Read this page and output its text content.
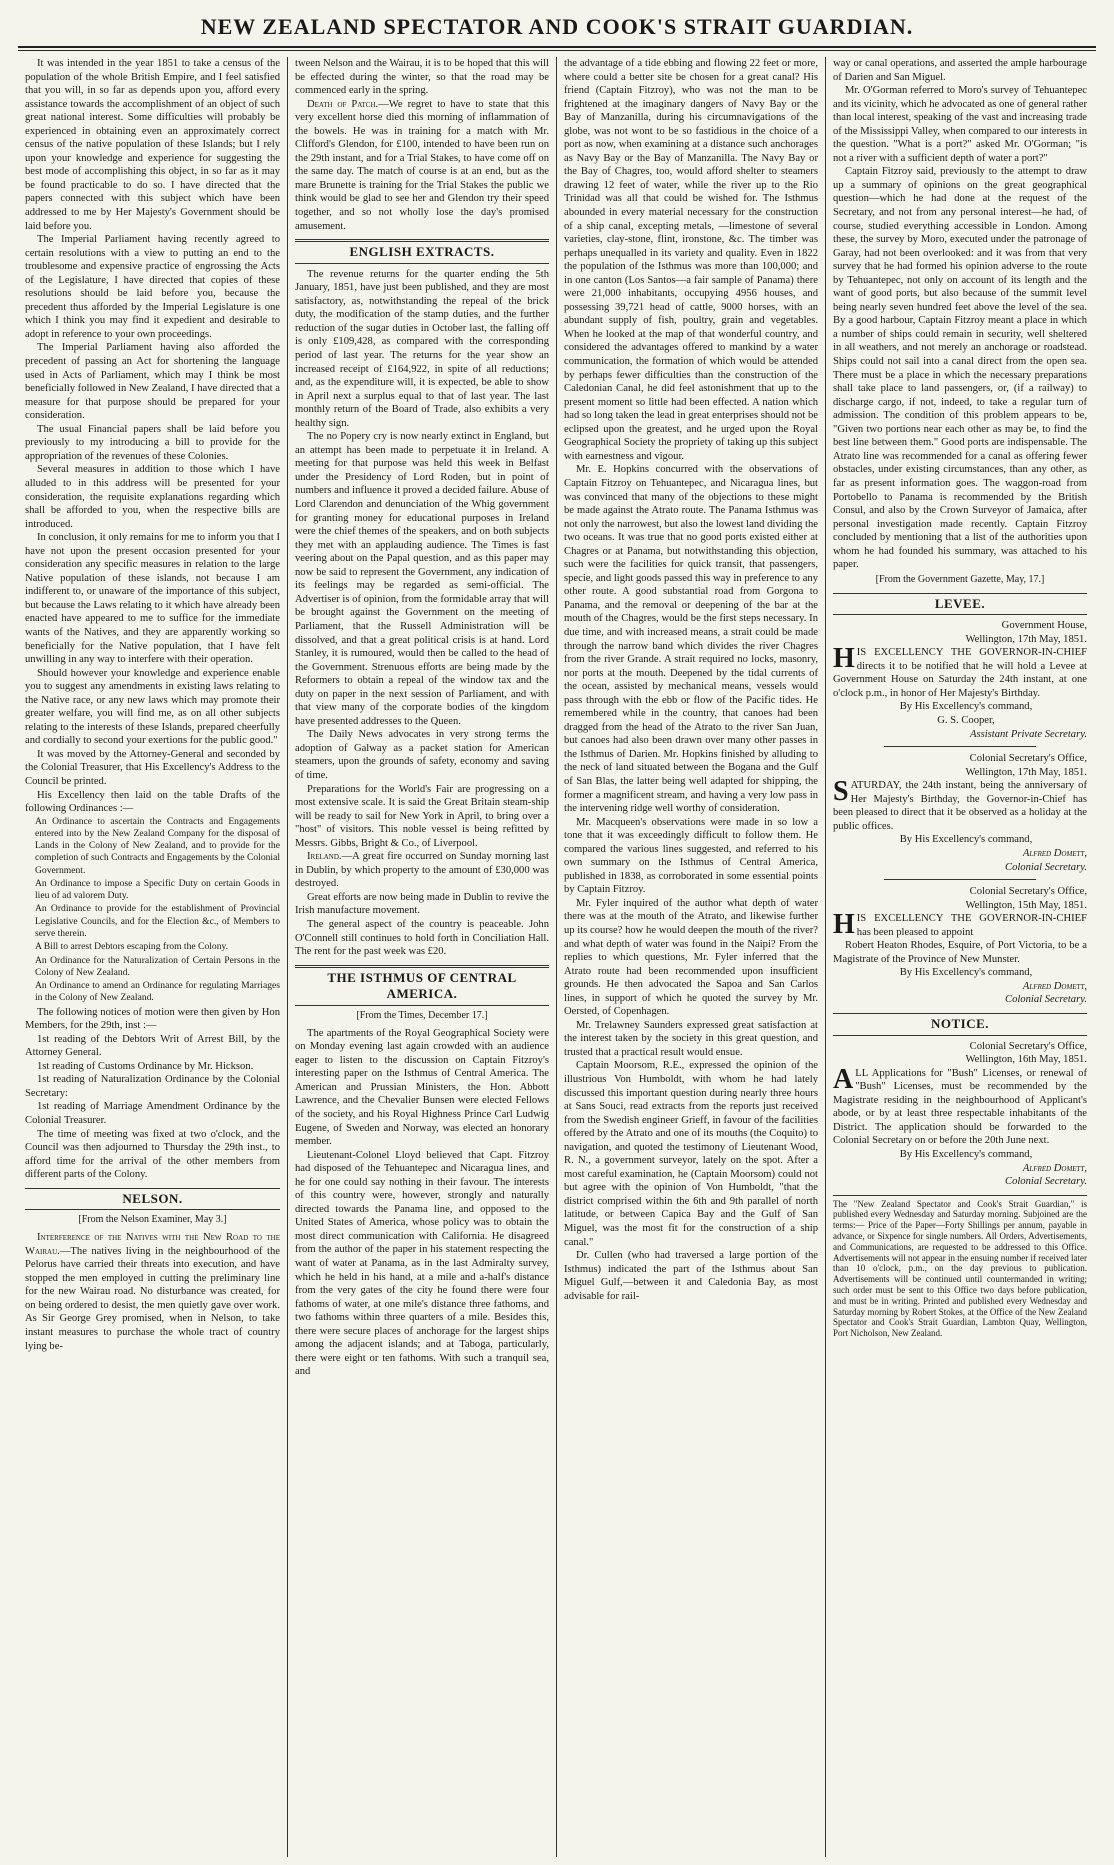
NEW ZEALAND SPECTATOR AND COOK'S STRAIT GUARDIAN.

It was intended in the year 1851 to take a census of the population of the whole British Empire, and I feel satisfied that you will, in so far as depends upon you, afford every assistance towards the accomplishment of an object of such great national interest. Some difficulties will probably be experienced in obtaining even an approximately correct census of the native population of these Islands; but I rely upon your knowledge and experience for suggesting the best mode of accomplishing this object, in so far as it may be found practicable to do so. I have directed that the papers connected with this subject which have been addressed to me by Her Majesty's Government should be laid before you.

The Imperial Parliament having recently agreed to certain resolutions with a view to putting an end to the troublesome and expensive practice of engrossing the Acts of the Legislature, I have directed that copies of these resolutions should be laid before you, because the precedent thus afforded by the Imperial Legislature is one which I think you may find it expedient and desirable to adopt in reference to your own proceedings.

The Imperial Parliament having also afforded the precedent of passing an Act for shortening the language used in Acts of Parliament, which may I think be most beneficially followed in New Zealand, I have directed that a measure for that purpose should be prepared for your consideration.

The usual Financial papers shall be laid before you previously to my introducing a bill to provide for the appropriation of the revenues of these Colonies.

Several measures in addition to those which I have alluded to in this address will be presented for your consideration, the requisite explanations regarding which shall be afforded to you, when the respective bills are introduced.

In conclusion, it only remains for me to inform you that I have not upon the present occasion presented for your consideration any specific measures in relation to the large Native population of these islands, not because I am indifferent to, or unaware of the importance of this subject, but because the Laws relating to it which have already been enacted have appeared to me to suffice for the immediate wants of the Natives, and they are apparently working so beneficially for the Native population, that I have felt unwilling in any way to interfere with their operation.

Should however your knowledge and experience enable you to suggest any amendments in existing laws relating to the Native race, or any new laws which may promote their greater welfare, you will find me, as on all other subjects relating to the interests of these Islands, prepared cheerfully and cordially to second your exertions for the public good."

It was moved by the Attorney-General and seconded by the Colonial Treasurer, that His Excellency's Address to the Council be printed.

His Excellency then laid on the table Drafts of the following Ordinances :—

An Ordinance to ascertain the Contracts and Engagements entered into by the New Zealand Company for the disposal of Lands in the Colony of New Zealand, and to provide for the completion of such Contracts and Engagements by the Colonial Government.

An Ordinance to impose a Specific Duty on certain Goods in lieu of ad valorem Duty.

An Ordinance to provide for the establishment of Provincial Legislative Councils, and for the Election &c., of Members to serve therein.

A Bill to arrest Debtors escaping from the Colony.

An Ordinance for the Naturalization of Certain Persons in the Colony of New Zealand.

An Ordinance to amend an Ordinance for regulating Marriages in the Colony of New Zealand.

The following notices of motion were then given by Hon Members, for the 29th, inst :—

1st reading of the Debtors Writ of Arrest Bill, by the Attorney General.

1st reading of Customs Ordinance by Mr. Hickson.

1st reading of Naturalization Ordinance by the Colonial Secretary:

1st reading of Marriage Amendment Ordinance by the Colonial Treasurer.

The time of meeting was fixed at two o'clock, and the Council was then adjourned to Thursday the 29th inst., to afford time for the arrival of the other members from different parts of the Colony.

NELSON.
[From the Nelson Examiner, May 3.]

Interference of the Natives with the New Road to the Wairau.—The natives living in the neighbourhood of the Pelorus have carried their threats into execution, and have stopped the men employed in cutting the preliminary line for the new Wairau road. No disturbance was created, for on being ordered to desist, the men quietly gave over work. As Sir George Grey promised, when in Nelson, to take instant measures to purchase the whole tract of country lying be-

tween Nelson and the Wairau, it is to be hoped that this will be effected during the winter, so that the road may be commenced early in the spring.

Death of Patch.—We regret to have to state that this very excellent horse died this morning of inflammation of the bowels. He was in training for a match with Mr. Clifford's Glendon, for £100, intended to have been run on the 29th instant, and for a Trial Stakes, to have come off on the same day. The match of course is at an end, but as the mare Brunette is training for the Trial Stakes the public we think would be glad to see her and Glendon try their speed together, and so not wholly lose the day's promised amusement.

ENGLISH EXTRACTS.

The revenue returns for the quarter ending the 5th January, 1851, have just been published, and they are most satisfactory, as, notwithstanding the repeal of the brick duty, the modification of the stamp duties, and the further reduction of the sugar duties in October last, the falling off is only £109,428, as compared with the corresponding period of last year. The returns for the year show an increased receipt of £164,922, in spite of all reductions; and, as the expenditure will, it is expected, be able to show in April next a surplus equal to that of last year. The last monthly return of the Board of Trade, also exhibits a very healthy sign.

The no Popery cry is now nearly extinct in England, but an attempt has been made to perpetuate it in Ireland. A meeting for that purpose was held this week in Belfast under the Presidency of Lord Roden, but in point of numbers and influence it proved a decided failure. Abuse of Lord Clarendon and denunciation of the Whig government for granting money for educational purposes in Ireland were the chief themes of the speakers, and on both subjects they met with an applauding audience. The Times is fast veering about on the Papal question, and as this paper may now be said to represent the Government, any indication of its feelings may be regarded as semi-official. The Advertiser is of opinion, from the formidable array that will be brought against the Government on the meeting of Parliament, that the Russell Administration will be dissolved, and that a great political crisis is at hand. Lord Stanley, it is rumoured, would then be called to the head of the Government. Strenuous efforts are being made by the Reformers to obtain a repeal of the window tax and the duty on paper in the next session of Parliament, and with that view many of the corporate bodies of the kingdom have presented addresses to the Queen.

The Daily News advocates in very strong terms the adoption of Galway as a packet station for American steamers, upon the grounds of safety, economy and saving of time.

Preparations for the World's Fair are progressing on a most extensive scale. It is said the Great Britain steam-ship will be ready to sail for New York in April, to bring over a "host" of visitors. This noble vessel is being refitted by Messrs. Gibbs, Bright & Co., of Liverpool.

Ireland.—A great fire occurred on Sunday morning last in Dublin, by which property to the amount of £30,000 was destroyed.

Great efforts are now being made in Dublin to revive the Irish manufacture movement.

The general aspect of the country is peaceable. John O'Connell still continues to hold forth in Conciliation Hall. The rent for the past week was £20.

THE ISTHMUS OF CENTRAL AMERICA.
[From the Times, December 17.]

The apartments of the Royal Geographical Society were on Monday evening last again crowded with an audience eager to listen to the discussion on Captain Fitzroy's interesting paper on the Isthmus of Central America. The American and Prussian Ministers, the Hon. Abbott Lawrence, and the Chevalier Bunsen were elected Fellows of the society, and his Royal Highness Prince Carl Ludwig Eugene, of Sweden and Norway, was elected an honorary member.

Lieutenant-Colonel Lloyd believed that Capt. Fitzroy had disposed of the Tehuantepec and Nicaragua lines, and he for one could say nothing in their favour. The interests of this country were, however, strongly and naturally directed towards the Panama line, and opposed to the United States of America, whose policy was to obtain the most direct communication with California. He disagreed from the author of the paper in his statement respecting the want of water at Panama, as in the last Admiralty survey, which he held in his hand, at a mile and a-half's distance from the very gates of the city he found there were four fathoms of water, at one mile's distance three fathoms, and two fathoms within three quarters of a mile. Besides this, there were secure places of anchorage for the largest ships among the adjacent islands; and at Taboga, particularly, there were eight or ten fathoms. With such a tranquil sea, and

the advantage of a tide ebbing and flowing 22 feet or more, where could a better site be chosen for a great canal? His friend (Captain Fitzroy), who was not the man to be frightened at the imaginary dangers of Navy Bay or the Bay of Manzanilla, during his circumnavigations of the globe, was not wont to be so fastidious in the choice of a port as now, when examining at a distance such anchorages as Navy Bay or the Bay of Manzanilla. The Navy Bay or the Bay of Chagres, too, would afford shelter to steamers drawing 12 feet of water, while the river up to the Rio Trinidad was all that could be wished for. The Isthmus abounded in every material necessary for the construction of a ship canal, excepting metals, —limestone of several varieties, clay-stone, flint, ironstone, &c. The timber was perhaps unequalled in its variety and quality. Even in 1822 the population of the Isthmus was more than 100,000; and in one canton (Los Santos—a fair sample of Panama) there were 21,000 inhabitants, occupying 4956 houses, and possessing 39,721 head of cattle, 9000 horses, with an abundant supply of fish, poultry, grain and vegetables. When he looked at the map of that wonderful country, and considered the advantages offered to mankind by a water communication, the formation of which would be attended by perhaps fewer difficulties than the construction of the Caledonian Canal, he did feel astonishment that up to the present moment so little had been effected. A nation which had so long taken the lead in great enterprises should not be eclipsed upon the greatest, and he urged upon the Royal Geographical Society the propriety of taking up this subject with earnestness and vigour.

Mr. E. Hopkins concurred with the observations of Captain Fitzroy on Tehuantepec, and Nicaragua lines, but was convinced that many of the objections to these might be made against the Atrato route. The Panama Isthmus was not only the narrowest, but also the lowest land dividing the two oceans. It was true that no good ports existed either at Chagres or at Panama, but notwithstanding this objection, such were the facilities for quick transit, that passengers, specie, and light goods passed this way in preference to any other route. A good substantial road from Gorgona to Panama, and the removal or deepening of the bar at the mouth of the Chagres, would be the first steps necessary. In due time, and with increased means, a strait could be made through the narrow band which divides the river Chagres from the river Grande. A strait required no locks, masonry, nor ports at the mouth. Deepened by the tidal currents of the ocean, assisted by mechanical means, vessels would pass through with the ebb or flow of the Pacific tides. He remembered while in the country, that canoes had been dragged from the head of the Atrato to the river San Juan, but canoes had also been drawn over many other passes in the Isthmus of Darien. Mr. Hopkins finished by alluding to the neck of land situated between the Bogana and the Gulf of San Blas, the latter being well adapted for shipping, the former a magnificent stream, and having a very low pass in the intervening ridge well worthy of consideration.

Mr. Macqueen's observations were made in so low a tone that it was exceedingly difficult to follow them. He compared the various lines suggested, and referred to his own summary on the Isthmus of Central America, published in 1838, as corroborated in some essential points by Captain Fitzroy.

Mr. Fyler inquired of the author what depth of water there was at the mouth of the Atrato, and likewise further up its course? how he would deepen the mouth of the river? and what depth of water was found in the Naipi? From the replies to which questions, Mr. Fyler inferred that the Atrato route had been recommended upon insufficient grounds. He then advocated the Sapoa and San Carlos lines, in support of which he quoted the survey by Mr. Oersted, of Copenhagen.

Mr. Trelawney Saunders expressed great satisfaction at the interest taken by the society in this great question, and trusted that a practical result would ensue.

Captain Moorsom, R.E., expressed the opinion of the illustrious Von Humboldt, with whom he had lately discussed this important question during nearly three hours at Sans Souci, read extracts from the reports just received from the Swedish engineer Grieff, in favour of the facilities offered by the Atrato and one of its mouths (the Coquito) to navigation, and quoted the testimony of Lieutenant Wood, R. N., a government surveyor, lately on the spot. After a most careful examination, he (Captain Moorsom) could not but agree with the opinion of Von Humboldt, "that the district comprised within the 6th and 9th parallel of north latitude, or between Capica Bay and the Gulf of San Miguel, was the most fit for the construction of a ship canal."

Dr. Cullen (who had traversed a large portion of the Isthmus) indicated the part of the Isthmus about San Miguel Gulf,—between it and Caledonia Bay, as most advisable for rail-

way or canal operations, and asserted the ample harbourage of Darien and San Miguel.

Mr. O'Gorman referred to Moro's survey of Tehuantepec and its vicinity, which he advocated as one of general rather than local interest, speaking of the vast and increasing trade of the Mississippi Valley, when compared to our interests in the question. "What is a port?" asked Mr. O'Gorman; "is not a river with a sufficient depth of water a port?"

Captain Fitzroy said, previously to the attempt to draw up a summary of opinions on the great geographical question—which he had done at the request of the Secretary, and not from any personal interest—he had, of course, studied everything accessible in London. Among these, the survey by Moro, executed under the patronage of Garay, had not been overlooked: and it was from that very survey that he had formed his opinion adverse to the route by Tehuantepec, not only on account of its length and the want of good ports, but also because of the summit level being nearly seven hundred feet above the level of the sea. By a good harbour, Captain Fitzroy meant a place in which a number of ships could remain in security, well sheltered in all weathers, and not merely an anchorage or roadstead. Ships could not sail into a canal direct from the open sea. There must be a place in which the necessary preparations shall take place to land passengers, or, (if a railway) to discharge cargo, if not, indeed, to take a regular turn of admission. The condition of this problem appears to be, "Given two portions near each other as may be, to find the best line between them." Good ports are indispensable. The Atrato line was recommended for a canal as offering fewer obstacles, under existing circumstances, than any other, as far as present information goes. The waggon-road from Portobello to Panama is recommended by the British Consul, and also by the Crown Surveyor of Jamaica, after personal investigation made recently. Captain Fitzroy concluded by mentioning that a list of the authorities upon whom he had founded his summary, was attached to his paper.

[From the Government Gazette, May, 17.]
LEVEE.

Government House,

Wellington, 17th May, 1851.

HIS EXCELLENCY THE GOVERNOR-IN-CHIEF directs it to be notified that he will hold a Levee at Government House on Saturday the 24th instant, at one o'clock p.m., in honor of Her Majesty's Birthday.

By His Excellency's command,

G. S. Cooper,

Assistant Private Secretary.

Colonial Secretary's Office,

Wellington, 17th May, 1851.

SATURDAY, the 24th instant, being the anniversary of Her Majesty's Birthday, the Governor-in-Chief has been pleased to direct that it be observed as a holiday at the public offices.

By His Excellency's command,

Alfred Domett,

Colonial Secretary.

Colonial Secretary's Office,

Wellington, 15th May, 1851.

HIS EXCELLENCY THE GOVERNOR-IN-CHIEF has been pleased to appoint

Robert Heaton Rhodes, Esquire, of Port Victoria, to be a Magistrate of the Province of New Munster.

By His Excellency's command,

Alfred Domett,

Colonial Secretary.

NOTICE.

Colonial Secretary's Office,

Wellington, 16th May, 1851.

ALL Applications for "Bush" Licenses, or renewal of "Bush" Licenses, must be recommended by the Magistrate residing in the neighbourhood of Applicant's abode, or by at least three respectable inhabitants of the District. The application should be forwarded to the Colonial Secretary on or before the 20th June next.

By His Excellency's command,

Alfred Domett,

Colonial Secretary.

The "New Zealand Spectator and Cook's Strait Guardian," is published every Wednesday and Saturday morning. Subjoined are the terms:— Price of the Paper—Forty Shillings per annum, payable in advance, or Sixpence for single numbers. All Orders, Advertisements, and Communications, are requested to be addressed to this Office. Advertisements will not appear in the ensuing number if received later than 10 o'clock, p.m., on the day previous to publication. Advertisements will be continued until countermanded in writing; such order must be sent to this Office two days before publication, and must be in writing. Printed and published every Wednesday and Saturday morning by Robert Stokes, at the Office of the New Zealand Spectator and Cook's Strait Guardian, Lambton Quay, Wellington, Port Nicholson, New Zealand.
